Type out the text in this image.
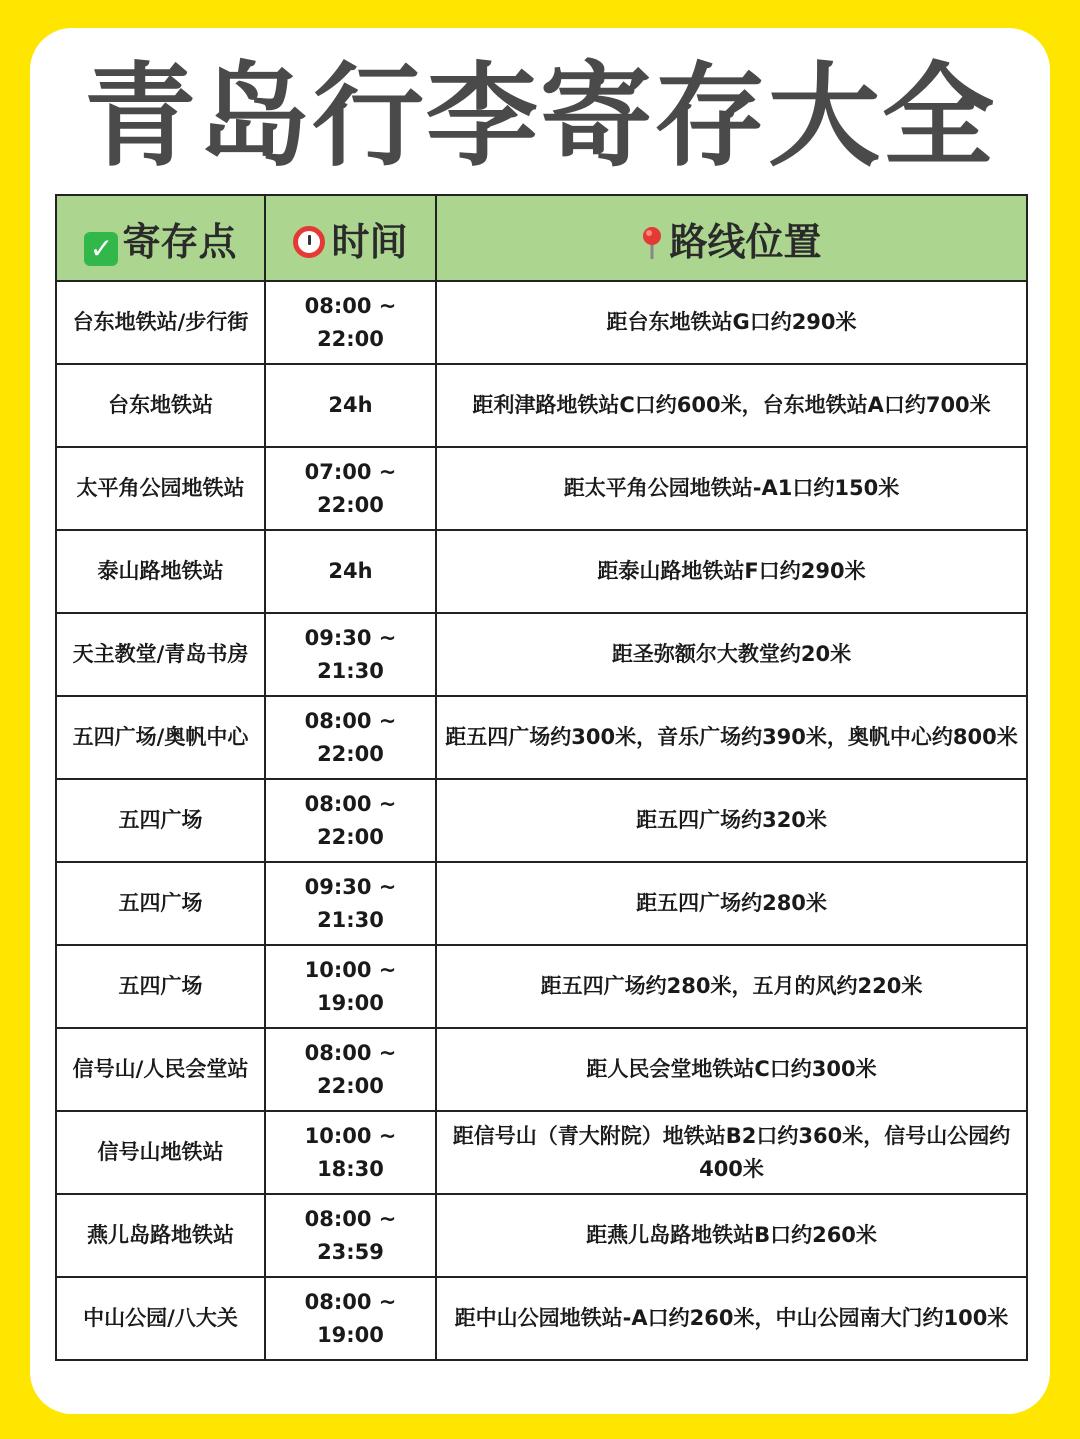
青岛行李寄存大全
✓ 寄存点	时间	路线位置
台东地铁站/步行街	08:00 ~ 22:00	距台东地铁站G口约290米
台东地铁站	24h	距利津路地铁站C口约600米，台东地铁站A口约700米
太平角公园地铁站	07:00 ~ 22:00	距太平角公园地铁站-A1口约150米
泰山路地铁站	24h	距泰山路地铁站F口约290米
天主教堂/青岛书房	09:30 ~ 21:30	距圣弥额尔大教堂约20米
五四广场/奥帆中心	08:00 ~ 22:00	距五四广场约300米，音乐广场约390米，奥帆中心约800米
五四广场	08:00 ~ 22:00	距五四广场约320米
五四广场	09:30 ~ 21:30	距五四广场约280米
五四广场	10:00 ~ 19:00	距五四广场约280米，五月的风约220米
信号山/人民会堂站	08:00 ~ 22:00	距人民会堂地铁站C口约300米
信号山地铁站	10:00 ~ 18:30	距信号山（青大附院）地铁站B2口约360米，信号山公园约400米
燕儿岛路地铁站	08:00 ~ 23:59	距燕儿岛路地铁站B口约260米
中山公园/八大关	08:00 ~ 19:00	距中山公园地铁站-A口约260米，中山公园南大门约100米
